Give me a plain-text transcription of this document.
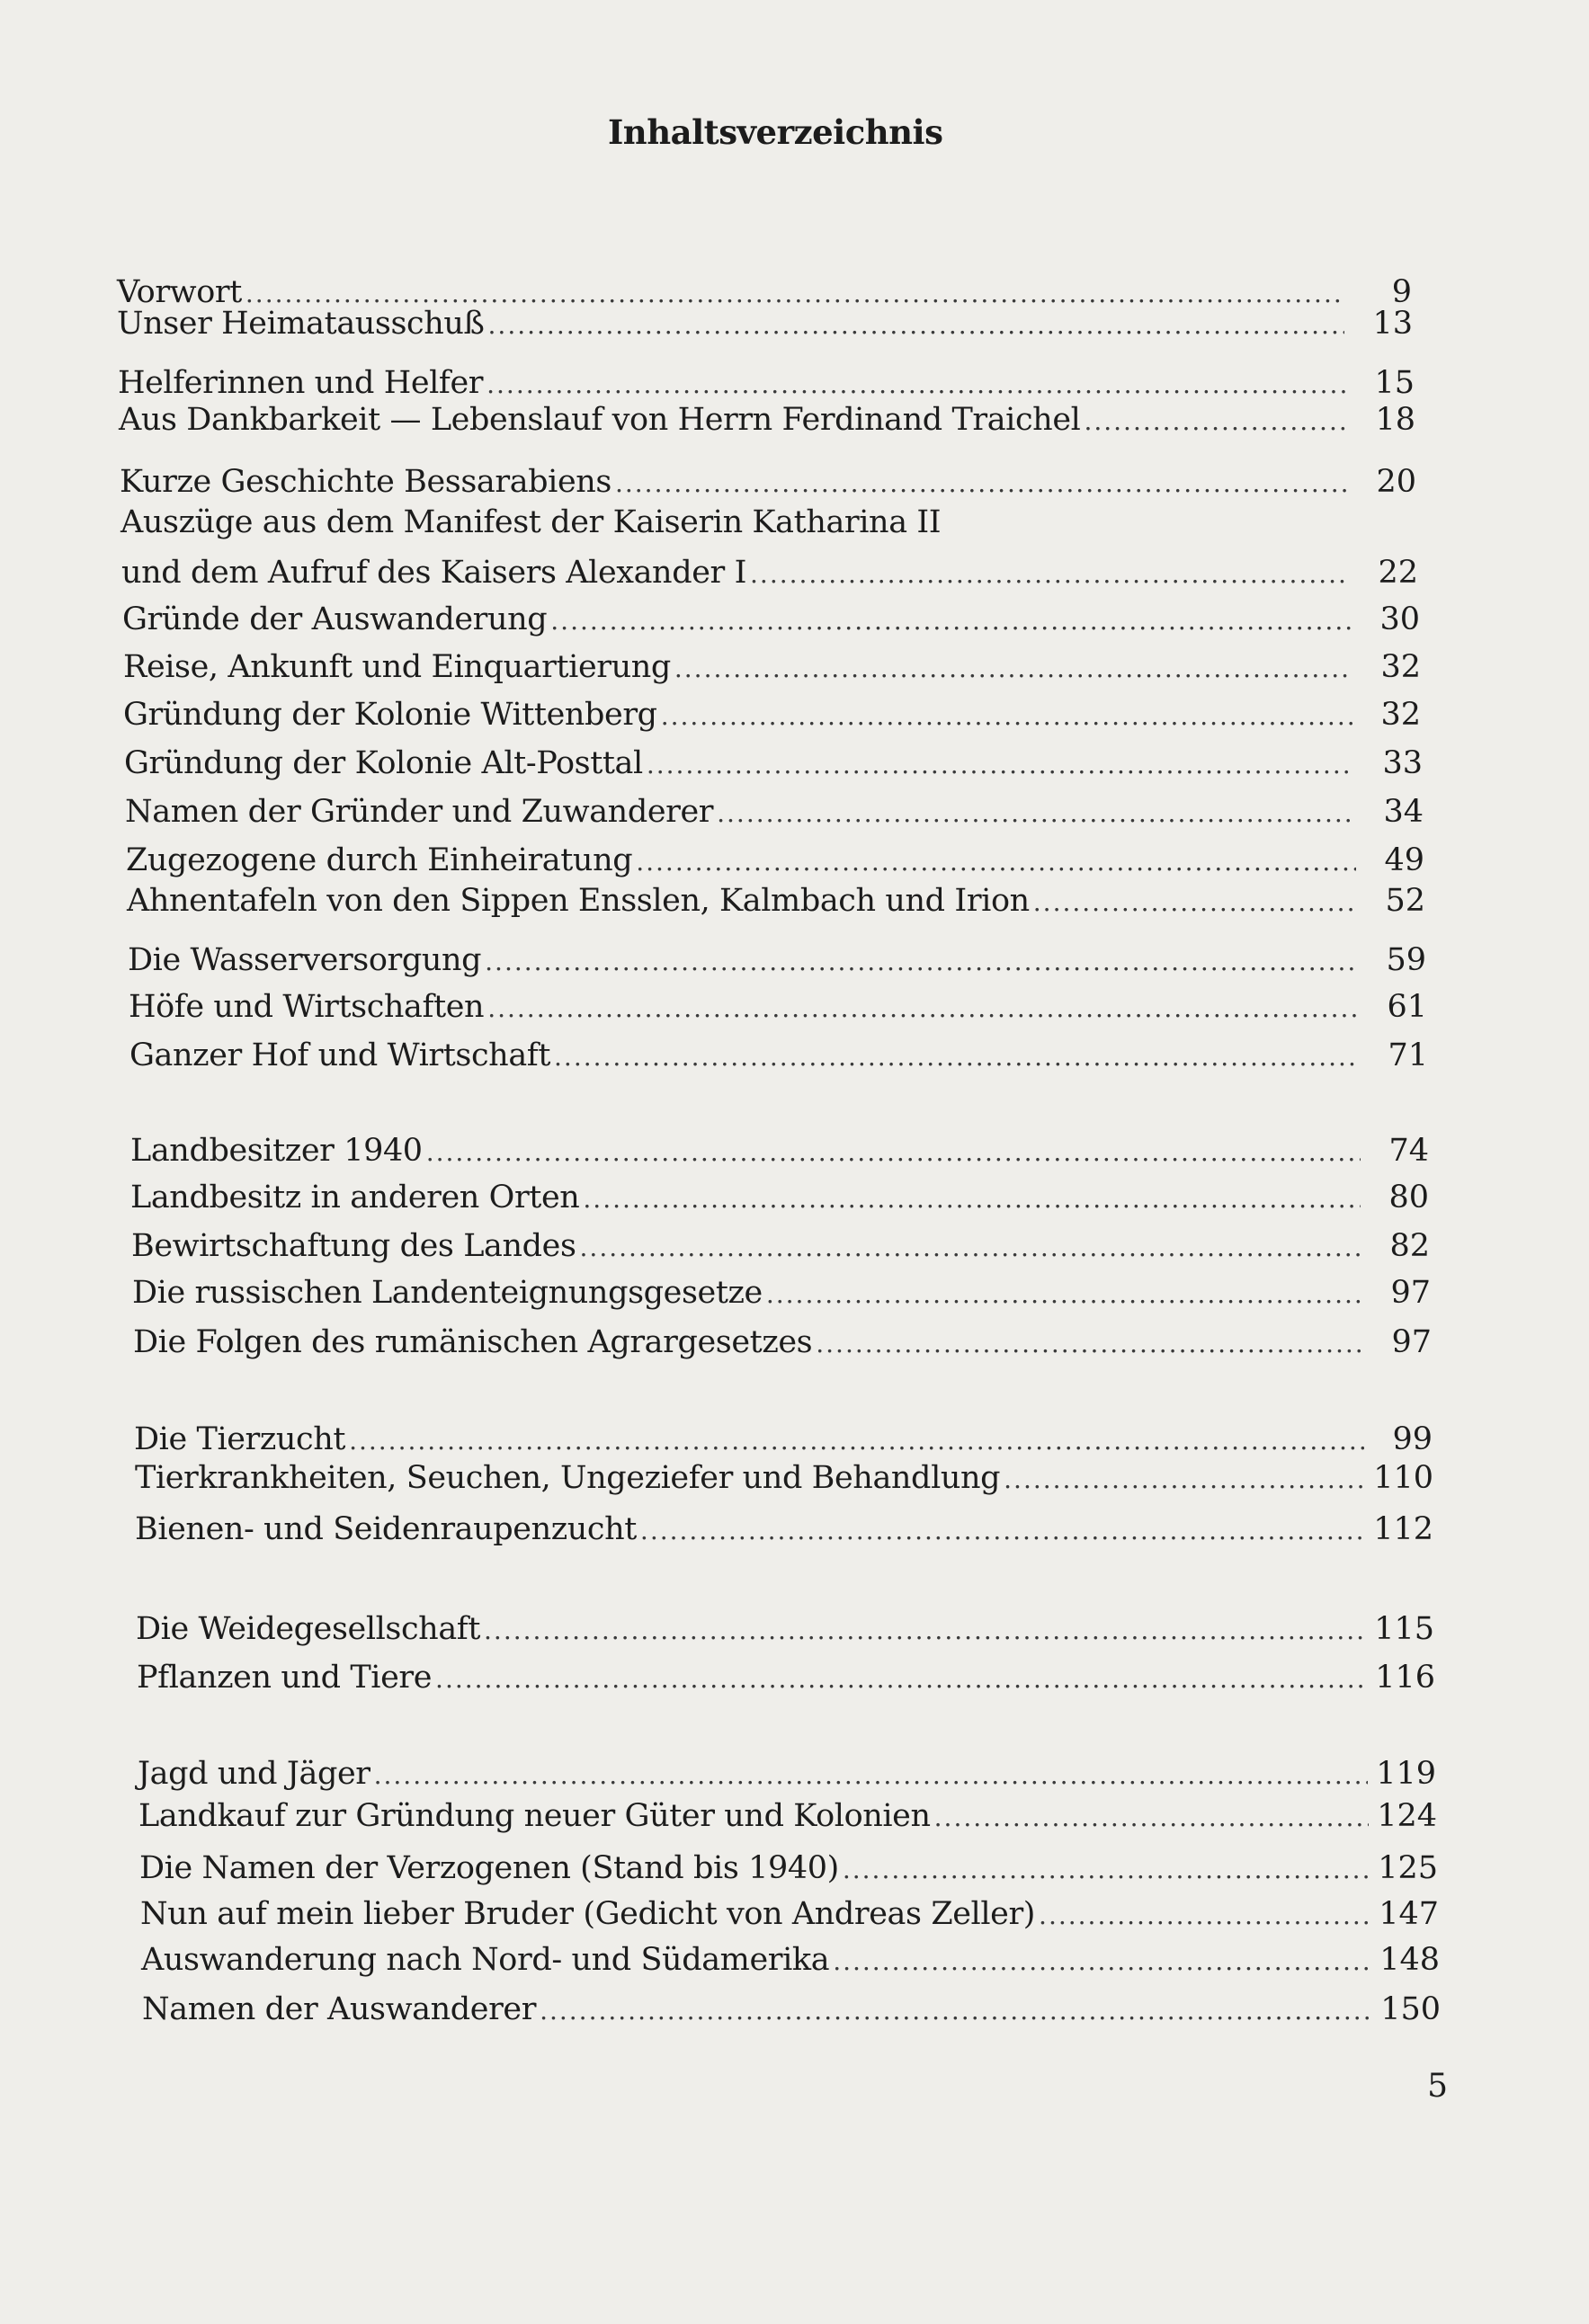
Inhaltsverzeichnis
Vorwort .....	9
Unser Heimatausschuß .....	13
Helferinnen und Helfer .....	15
Aus Dankbarkeit — Lebenslauf von Herrn Ferdinand Traichel .....	18
Kurze Geschichte Bessarabiens .....	20
Auszüge aus dem Manifest der Kaiserin Katharina II
und dem Aufruf des Kaisers Alexander I .....	22
Gründe der Auswanderung .....	30
Reise, Ankunft und Einquartierung .....	32
Gründung der Kolonie Wittenberg .....	32
Gründung der Kolonie Alt-Posttal .....	33
Namen der Gründer und Zuwanderer .....	34
Zugezogene durch Einheiratung .....	49
Ahnentafeln von den Sippen Ensslen, Kalmbach und Irion .....	52
Die Wasserversorgung .....	59
Höfe und Wirtschaften .....	61
Ganzer Hof und Wirtschaft .....	71
Landbesitzer 1940 .....	74
Landbesitz in anderen Orten .....	80
Bewirtschaftung des Landes .....	82
Die russischen Landenteignungsgesetze .....	97
Die Folgen des rumänischen Agrargesetzes .....	97
Die Tierzucht .....	99
Tierkrankheiten, Seuchen, Ungeziefer und Behandlung .....	110
Bienen- und Seidenraupenzucht .....	112
Die Weidegesellschaft .....	115
Pflanzen und Tiere .....	116
Jagd und Jäger .....	119
Landkauf zur Gründung neuer Güter und Kolonien .....	124
Die Namen der Verzogenen (Stand bis 1940) .....	125
Nun auf mein lieber Bruder (Gedicht von Andreas Zeller) .....	147
Auswanderung nach Nord- und Südamerika .....	148
Namen der Auswanderer .....	150
5
